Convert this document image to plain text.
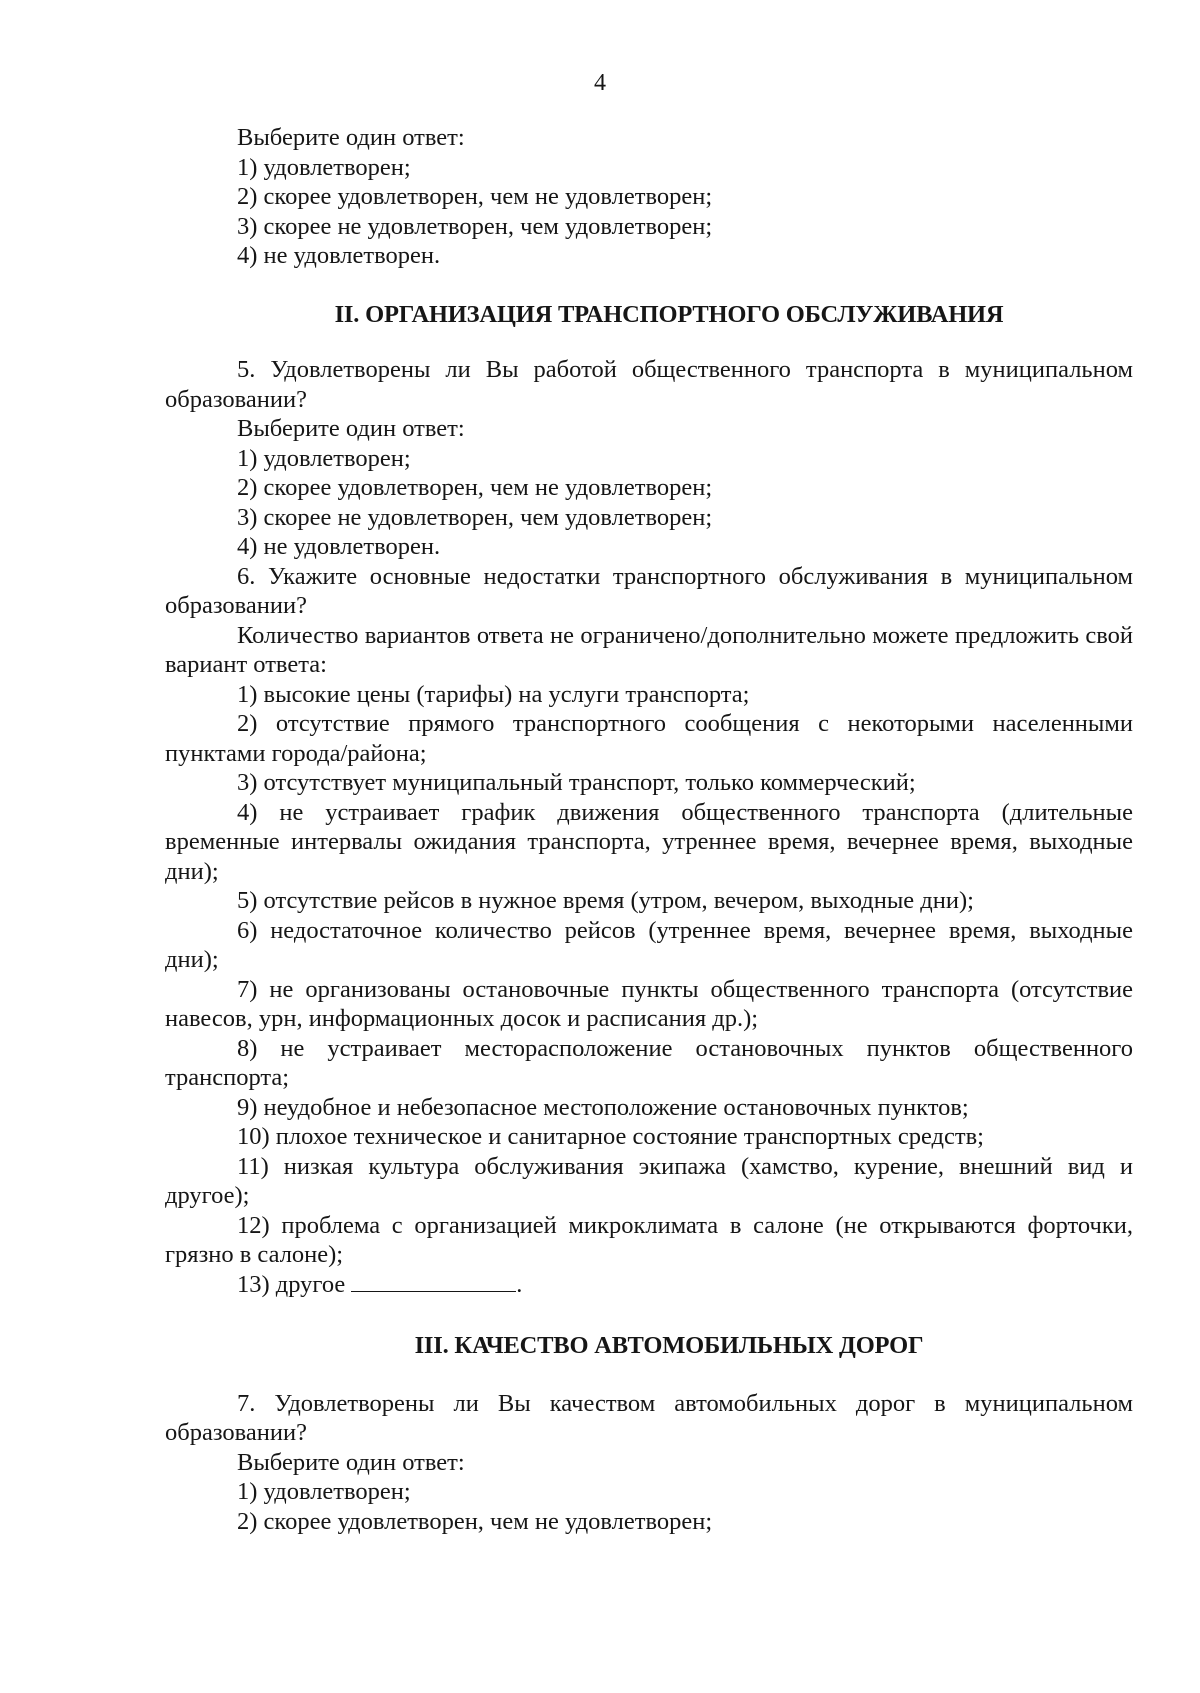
4

Выберите один ответ:

1) удовлетворен;

2) скорее удовлетворен, чем не удовлетворен;

3) скорее не удовлетворен, чем удовлетворен;

4) не удовлетворен.

II. ОРГАНИЗАЦИЯ ТРАНСПОРТНОГО ОБСЛУЖИВАНИЯ

5. Удовлетворены ли Вы работой общественного транспорта в муниципальном образовании?

Выберите один ответ:

1) удовлетворен;

2) скорее удовлетворен, чем не удовлетворен;

3) скорее не удовлетворен, чем удовлетворен;

4) не удовлетворен.

6. Укажите основные недостатки транспортного обслуживания в муниципальном образовании?

Количество вариантов ответа не ограничено/дополнительно можете предложить свой вариант ответа:

1) высокие цены (тарифы) на услуги транспорта;

2) отсутствие прямого транспортного сообщения с некоторыми населенными пунктами города/района;

3) отсутствует муниципальный транспорт, только коммерческий;

4) не устраивает график движения общественного транспорта (длительные временные интервалы ожидания транспорта, утреннее время, вечернее время, выходные дни);

5) отсутствие рейсов в нужное время (утром, вечером, выходные дни);

6) недостаточное количество рейсов (утреннее время, вечернее время, выходные дни);

7) не организованы остановочные пункты общественного транспорта (отсутствие навесов, урн, информационных досок и расписания др.);

8) не устраивает месторасположение остановочных пунктов общественного транспорта;

9) неудобное и небезопасное местоположение остановочных пунктов;

10) плохое техническое и санитарное состояние транспортных средств;

11) низкая культура обслуживания экипажа (хамство, курение, внешний вид и другое);

12) проблема с организацией микроклимата в салоне (не открываются форточки, грязно в салоне);

13) другое	.

III. КАЧЕСТВО АВТОМОБИЛЬНЫХ ДОРОГ

7. Удовлетворены ли Вы качеством автомобильных дорог в муниципальном образовании?

Выберите один ответ:

1) удовлетворен;

2) скорее удовлетворен, чем не удовлетворен;
